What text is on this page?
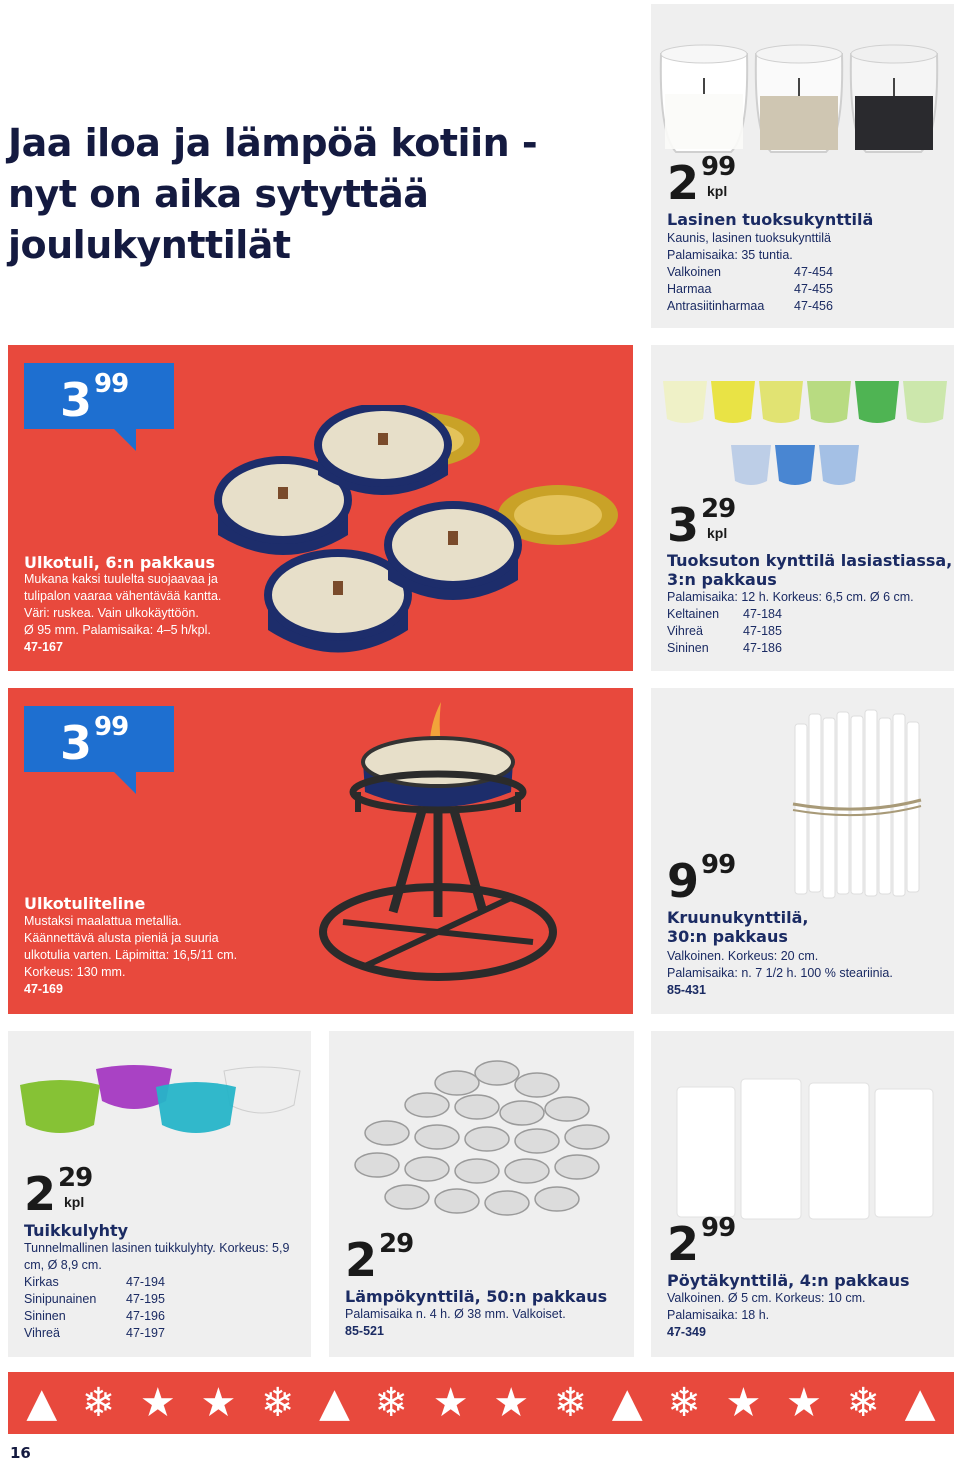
Jaa iloa ja lämpöä kotiin -
nyt on aika sytyttää
joulukynttilät
2 99
kpl
Lasinen tuoksukynttilä
Kaunis, lasinen tuoksukynttilä
Palamisaika: 35 tuntia.
Valkoinen	47-454
Harmaa	47-455
Antrasiitinharmaa	47-456
3 99
Ulkotuli, 6:n pakkaus
Mukana kaksi tuulelta suojaavaa ja
tulipalon vaaraa vähentävää kantta.
Väri: ruskea. Vain ulkokäyttöön.
Ø 95 mm. Palamisaika: 4–5 h/kpl.
47-167
3 29
kpl
Tuoksuton kynttilä lasiastiassa,
3:n pakkaus
Palamisaika: 12 h. Korkeus: 6,5 cm. Ø 6 cm.
Keltainen	47-184
Vihreä	47-185
Sininen	47-186
3 99
Ulkotuliteline
Mustaksi maalattua metallia.
Käännettävä alusta pieniä ja suuria
ulkotulia varten. Läpimitta: 16,5/11 cm.
Korkeus: 130 mm.
47-169
9 99
Kruunukynttilä,
30:n pakkaus
Valkoinen. Korkeus: 20 cm.
Palamisaika: n. 7 1/2 h. 100 % steariinia.
85-431
2 29
kpl
Tuikkulyhty
Tunnelmallinen lasinen tuikkulyhty. Korkeus: 5,9
cm, Ø 8,9 cm.
Kirkas	47-194
Sinipunainen	47-195
Sininen	47-196
Vihreä	47-197
2 29
Lämpökynttilä, 50:n pakkaus
Palamisaika n. 4 h. Ø 38 mm. Valkoiset.
85-521
2 99
Pöytäkynttilä, 4:n pakkaus
Valkoinen. Ø 5 cm. Korkeus: 10 cm.
Palamisaika: 18 h.
47-349
▲ ❄ ★ ★ ❄ ▲ ❄ ★ ★ ❄ ▲ ❄ ★ ★ ❄ ▲
16
